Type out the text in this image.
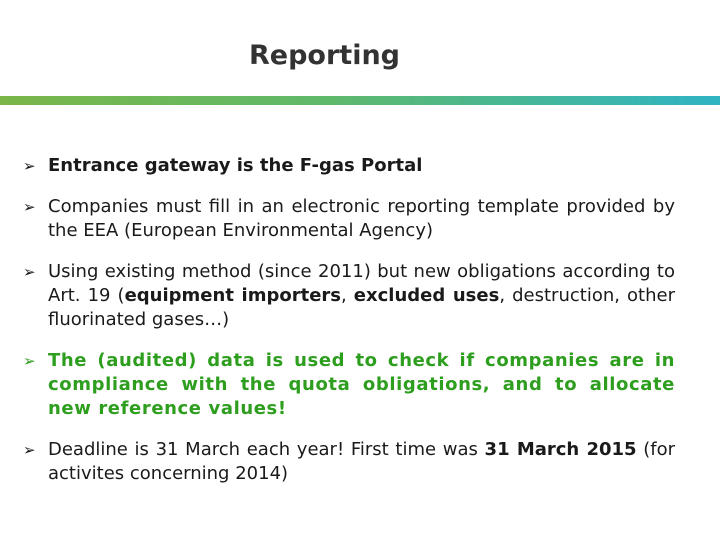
Reporting
➢ Entrance gateway is the F-gas Portal
➢ Companies must fill in an electronic reporting template provided by the EEA (European Environmental Agency)
➢ Using existing method (since 2011) but new obligations according to Art. 19 (equipment importers, excluded uses, destruction, other fluorinated gases…)
➢ The (audited) data is used to check if companies are in compliance with the quota obligations, and to allocate new reference values!
➢ Deadline is 31 March each year! First time was 31 March 2015 (for activites concerning 2014)
